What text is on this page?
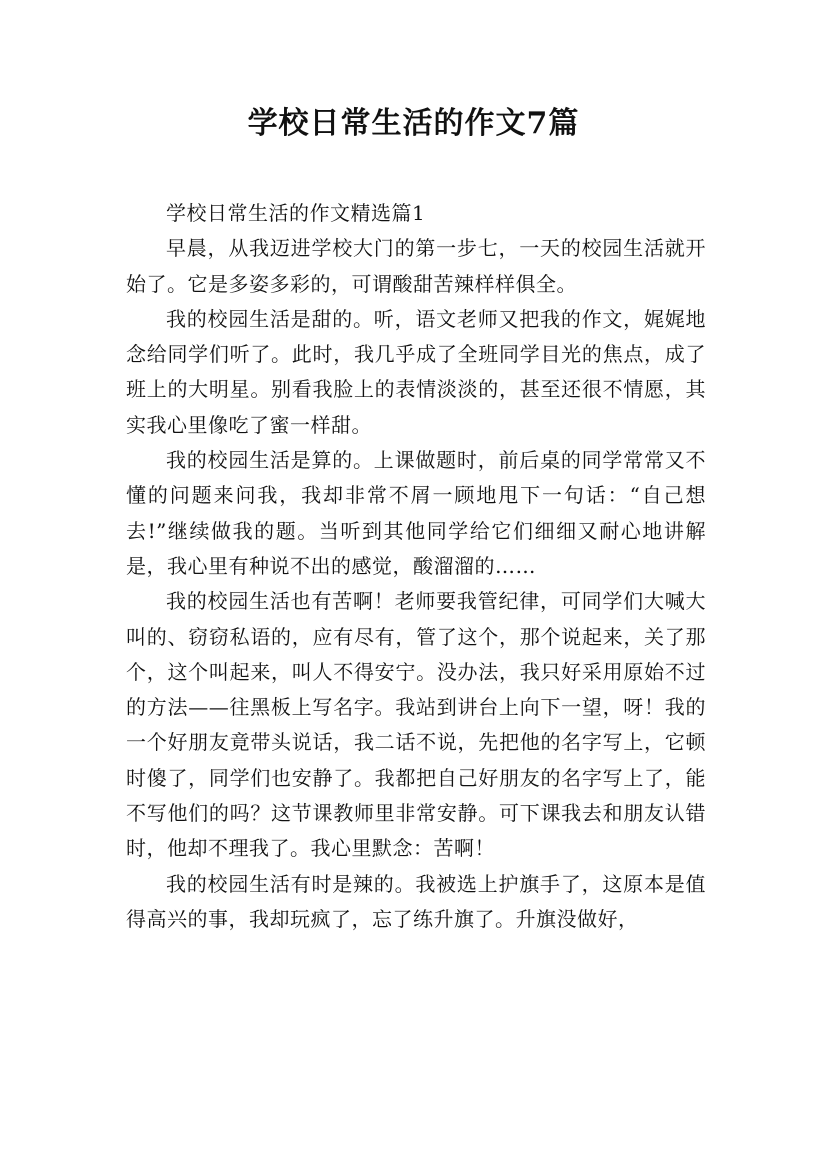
学校日常生活的作文7篇

学校日常生活的作文精选篇1

早晨，从我迈进学校大门的第一步七，一天的校园生活就开始了。它是多姿多彩的，可谓酸甜苦辣样样俱全。

我的校园生活是甜的。听，语文老师又把我的作文，娓娓地念给同学们听了。此时，我几乎成了全班同学目光的焦点，成了班上的大明星。别看我脸上的表情淡淡的，甚至还很不情愿，其实我心里像吃了蜜一样甜。

我的校园生活是算的。上课做题时，前后桌的同学常常又不懂的问题来问我，我却非常不屑一顾地甩下一句话：“自己想去!”继续做我的题。当听到其他同学给它们细细又耐心地讲解是，我心里有种说不出的感觉，酸溜溜的……

我的校园生活也有苦啊！老师要我管纪律，可同学们大喊大叫的、窃窃私语的，应有尽有，管了这个，那个说起来，关了那个，这个叫起来，叫人不得安宁。没办法，我只好采用原始不过的方法——往黑板上写名字。我站到讲台上向下一望，呀！我的一个好朋友竟带头说话，我二话不说，先把他的名字写上，它顿时傻了，同学们也安静了。我都把自己好朋友的名字写上了，能不写他们的吗？这节课教师里非常安静。可下课我去和朋友认错时，他却不理我了。我心里默念：苦啊！

我的校园生活有时是辣的。我被选上护旗手了，这原本是值得高兴的事，我却玩疯了，忘了练升旗了。升旗没做好，
